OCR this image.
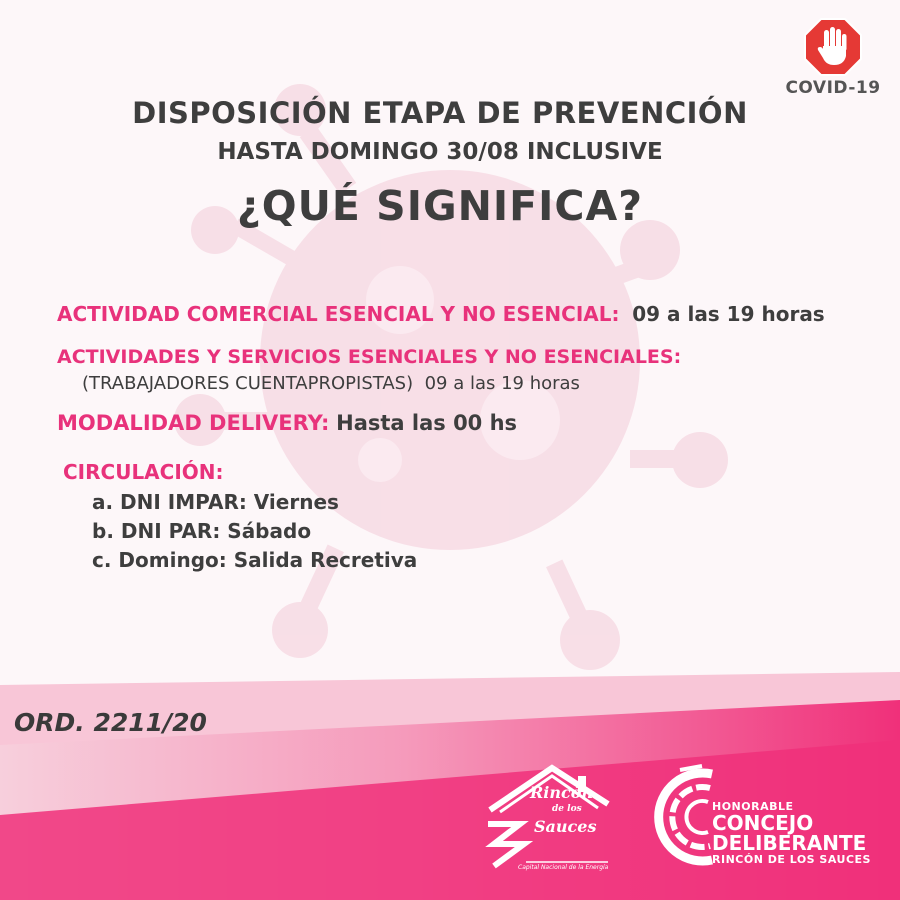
COVID-19
DISPOSICIÓN ETAPA DE PREVENCIÓN
HASTA DOMINGO 30/08 INCLUSIVE
¿QUÉ SIGNIFICA?
ACTIVIDAD COMERCIAL ESENCIAL Y NO ESENCIAL: 09 a las 19 horas
ACTIVIDADES Y SERVICIOS ESENCIALES Y NO ESENCIALES:
(TRABAJADORES CUENTAPROPISTAS) 09 a las 19 horas
MODALIDAD DELIVERY: Hasta las 00 hs
CIRCULACIÓN:
a. DNI IMPAR: Viernes
b. DNI PAR: Sábado
c. Domingo: Salida Recretiva
ORD. 2211/20
Rincón
de los
Sauces
Capital Nacional de la Energía
HONORABLE
CONCEJO
DELIBERANTE
RINCÓN DE LOS SAUCES
